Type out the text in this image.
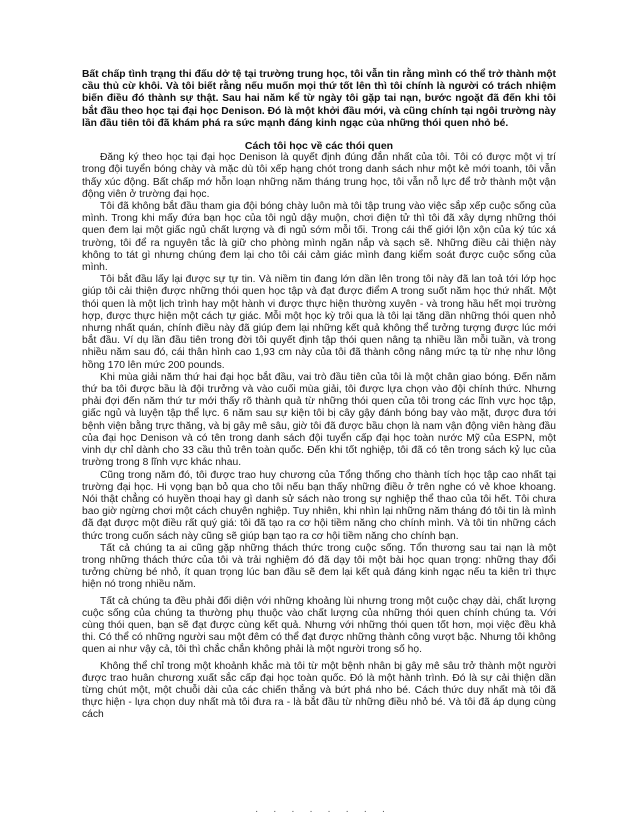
Bất chấp tình trạng thi đấu dở tệ tại trường trung học, tôi vẫn tin rằng mình có thể trở thành một cầu thủ cừ khôi. Và tôi biết rằng nếu muốn mọi thứ tốt lên thì tôi chính là người có trách nhiệm biến điều đó thành sự thật. Sau hai năm kể từ ngày tôi gặp tai nạn, bước ngoặt đã đến khi tôi bắt đầu theo học tại đại học Denison. Đó là một khởi đầu mới, và cũng chính tại ngôi trường này lần đầu tiên tôi đã khám phá ra sức mạnh đáng kinh ngạc của những thói quen nhỏ bé.

Cách tôi học về các thói quen

Đăng ký theo học tại đại học Denison là quyết định đúng đắn nhất của tôi. Tôi có được một vị trí trong đội tuyển bóng chày và mặc dù tôi xếp hạng chót trong danh sách như một kẻ mới toanh, tôi vẫn thấy xúc động. Bất chấp mớ hỗn loạn những năm tháng trung học, tôi vẫn nỗ lực để trở thành một vận động viên ở trường đại học.

Tôi đã không bắt đầu tham gia đội bóng chày luôn mà tôi tập trung vào việc sắp xếp cuộc sống của mình. Trong khi mấy đứa bạn học của tôi ngủ dậy muộn, chơi điện tử thì tôi đã xây dựng những thói quen đem lại một giấc ngủ chất lượng và đi ngủ sớm mỗi tối. Trong cái thế giới lộn xộn của ký túc xá trường, tôi để ra nguyên tắc là giữ cho phòng mình ngăn nắp và sạch sẽ. Những điều cải thiện này không to tát gì nhưng chúng đem lại cho tôi cái cảm giác mình đang kiểm soát được cuộc sống của mình.

Tôi bắt đầu lấy lại được sự tự tin. Và niềm tin đang lớn dần lên trong tôi này đã lan toả tới lớp học giúp tôi cải thiện được những thói quen học tập và đạt được điểm A trong suốt năm học thứ nhất. Một thói quen là một lịch trình hay một hành vi được thực hiện thường xuyên - và trong hầu hết mọi trường hợp, được thực hiện một cách tự giác. Mỗi một học kỳ trôi qua là tôi lại tăng dần những thói quen nhỏ nhưng nhất quán, chính điều này đã giúp đem lại những kết quả không thể tưởng tượng được lúc mới bắt đầu. Ví dụ lần đầu tiên trong đời tôi quyết định tập thói quen nâng tạ nhiều lần mỗi tuần, và trong nhiều năm sau đó, cái thân hình cao 1,93 cm này của tôi đã thành công nâng mức tạ từ nhẹ như lông hồng 170 lên mức 200 pounds.

Khi mùa giải năm thứ hai đại học bắt đầu, vai trò đầu tiên của tôi là một chân giao bóng. Đến năm thứ ba tôi được bầu là đội trưởng và vào cuối mùa giải, tôi được lựa chọn vào đội chính thức. Nhưng phải đợi đến năm thứ tư mới thấy rõ thành quả từ những thói quen của tôi trong các lĩnh vực học tập, giấc ngủ và luyện tập thể lực. 6 năm sau sự kiện tôi bị cây gậy đánh bóng bay vào mặt, được đưa tới bệnh viện bằng trực thăng, và bị gây mê sâu, giờ tôi đã được bầu chọn là nam vận động viên hàng đầu của đại học Denison và có tên trong danh sách đội tuyển cấp đại học toàn nước Mỹ của ESPN, một vinh dự chỉ dành cho 33 cầu thủ trên toàn quốc. Đến khi tốt nghiệp, tôi đã có tên trong sách kỷ lục của trường trong 8 lĩnh vực khác nhau.

Cũng trong năm đó, tôi được trao huy chương của Tổng thống cho thành tích học tập cao nhất tại trường đại học. Hi vọng bạn bỏ qua cho tôi nếu bạn thấy những điều ở trên nghe có vẻ khoe khoang. Nói thật chẳng có huyền thoại hay gì danh sử sách nào trong sự nghiệp thể thao của tôi hết. Tôi chưa bao giờ ngừng chơi một cách chuyên nghiệp. Tuy nhiên, khi nhìn lại những năm tháng đó tôi tin là mình đã đạt được một điều rất quý giá: tôi đã tạo ra cơ hội tiềm năng cho chính mình. Và tôi tin những cách thức trong cuốn sách này cũng sẽ giúp bạn tạo ra cơ hội tiềm năng cho chính bạn.

Tất cả chúng ta ai cũng gặp những thách thức trong cuộc sống. Tổn thương sau tai nạn là một trong những thách thức của tôi và trải nghiệm đó đã dạy tôi một bài học quan trọng: những thay đổi tưởng chừng bé nhỏ, ít quan trọng lúc ban đầu sẽ đem lại kết quả đáng kinh ngạc nếu ta kiên trì thực hiện nó trong nhiều năm.

Tất cả chúng ta đều phải đối diện với những khoảng lùi nhưng trong một cuộc chạy dài, chất lượng cuộc sống của chúng ta thường phụ thuộc vào chất lượng của những thói quen chính chúng ta. Với cùng thói quen, bạn sẽ đạt được cùng kết quả. Nhưng với những thói quen tốt hơn, mọi việc đều khả thi. Có thể có những người sau một đêm có thể đạt được những thành công vượt bậc. Nhưng tôi không quen ai như vậy cả, tôi thì chắc chắn không phải là một người trong số họ.

Không thể chỉ trong một khoảnh khắc mà tôi từ một bệnh nhân bị gây mê sâu trở thành một người được trao huân chương xuất sắc cấp đại học toàn quốc. Đó là một hành trình. Đó là sự cải thiện dần từng chút một, một chuỗi dài của các chiến thắng và bứt phá nho bé. Cách thức duy nhất mà tôi đã thực hiện - lựa chọn duy nhất mà tôi đưa ra - là bắt đầu từ những điều nhỏ bé. Và tôi đã áp dụng cùng cách

· · · · · · · ·
